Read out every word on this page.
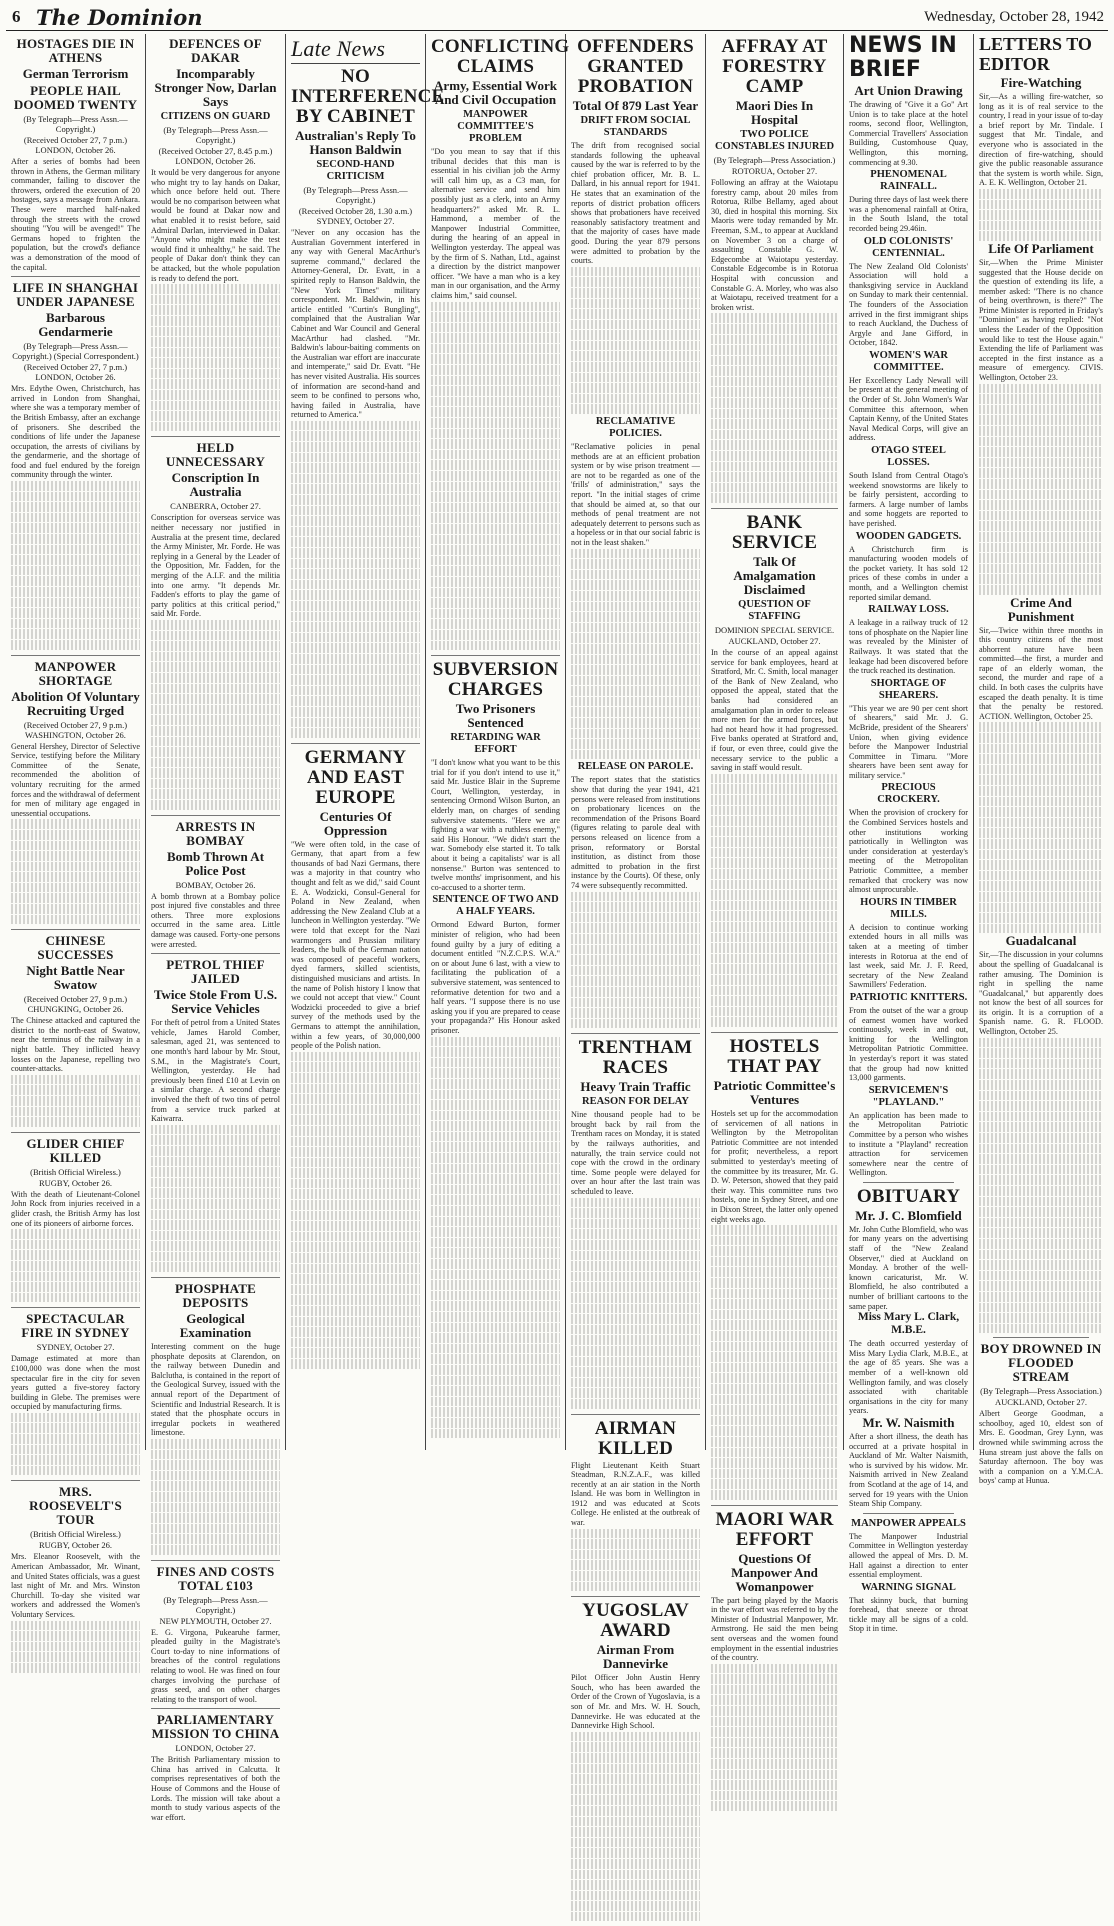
6 The Dominion	Wednesday, October 28, 1942
HOSTAGES DIE IN ATHENS
German Terrorism
PEOPLE HAIL DOOMED TWENTY

(By Telegraph—Press Assn.—Copyright.)

(Received October 27, 7 p.m.) LONDON, October 26.

After a series of bombs had been thrown in Athens, the German military commander, failing to discover the throwers, ordered the execution of 20 hostages, says a message from Ankara. These were marched half-naked through the streets with the crowd shouting "You will be avenged!" The Germans hoped to frighten the population, but the crowd's defiance was a demonstration of the mood of the capital.

LIFE IN SHANGHAI UNDER JAPANESE
Barbarous Gendarmerie

(By Telegraph—Press Assn.—Copyright.) (Special Correspondent.)

(Received October 27, 7 p.m.) LONDON, October 26.

Mrs. Edythe Owen, Christchurch, has arrived in London from Shanghai, where she was a temporary member of the British Embassy, after an exchange of prisoners. She described the conditions of life under the Japanese occupation, the arrests of civilians by the gendarmerie, and the shortage of food and fuel endured by the foreign community through the winter.

MANPOWER SHORTAGE
Abolition Of Voluntary Recruiting Urged

(Received October 27, 9 p.m.) WASHINGTON, October 26.

General Hershey, Director of Selective Service, testifying before the Military Committee of the Senate, recommended the abolition of voluntary recruiting for the armed forces and the withdrawal of deferment for men of military age engaged in unessential occupations.

CHINESE SUCCESSES
Night Battle Near Swatow

(Received October 27, 9 p.m.) CHUNGKING, October 26.

The Chinese attacked and captured the district to the north-east of Swatow, near the terminus of the railway in a night battle. They inflicted heavy losses on the Japanese, repelling two counter-attacks.

GLIDER CHIEF KILLED

(British Official Wireless.)

RUGBY, October 26.

With the death of Lieutenant-Colonel John Rock from injuries received in a glider crash, the British Army has lost one of its pioneers of airborne forces.

SPECTACULAR FIRE IN SYDNEY

SYDNEY, October 27.

Damage estimated at more than £100,000 was done when the most spectacular fire in the city for seven years gutted a five-storey factory building in Glebe. The premises were occupied by manufacturing firms.

MRS. ROOSEVELT'S TOUR

(British Official Wireless.)

RUGBY, October 26.

Mrs. Eleanor Roosevelt, with the American Ambassador, Mr. Winant, and United States officials, was a guest last night of Mr. and Mrs. Winston Churchill. To-day she visited war workers and addressed the Women's Voluntary Services.

DEFENCES OF DAKAR
Incomparably Stronger Now, Darlan Says
CITIZENS ON GUARD

(By Telegraph—Press Assn.—Copyright.)

(Received October 27, 8.45 p.m.) LONDON, October 26.

It would be very dangerous for anyone who might try to lay hands on Dakar, which once before held out. There would be no comparison between what would be found at Dakar now and what enabled it to resist before, said Admiral Darlan, interviewed in Dakar. "Anyone who might make the test would find it unhealthy," he said. The people of Dakar don't think they can be attacked, but the whole population is ready to defend the port.

HELD UNNECESSARY
Conscription In Australia

CANBERRA, October 27.

Conscription for overseas service was neither necessary nor justified in Australia at the present time, declared the Army Minister, Mr. Forde. He was replying in a General by the Leader of the Opposition, Mr. Fadden, for the merging of the A.I.F. and the militia into one army. "It depends Mr. Fadden's efforts to play the game of party politics at this critical period," said Mr. Forde.

ARRESTS IN BOMBAY
Bomb Thrown At Police Post

BOMBAY, October 26.

A bomb thrown at a Bombay police post injured five constables and three others. Three more explosions occurred in the same area. Little damage was caused. Forty-one persons were arrested.

PETROL THIEF JAILED
Twice Stole From U.S. Service Vehicles

For theft of petrol from a United States vehicle, James Harold Comber, salesman, aged 21, was sentenced to one month's hard labour by Mr. Stout, S.M., in the Magistrate's Court, Wellington, yesterday. He had previously been fined £10 at Levin on a similar charge. A second charge involved the theft of two tins of petrol from a service truck parked at Kaiwarra.

PHOSPHATE DEPOSITS
Geological Examination

Interesting comment on the huge phosphate deposits at Clarendon, on the railway between Dunedin and Balclutha, is contained in the report of the Geological Survey, issued with the annual report of the Department of Scientific and Industrial Research. It is stated that the phosphate occurs in irregular pockets in weathered limestone.

FINES AND COSTS TOTAL £103

(By Telegraph—Press Assn.—Copyright.)

NEW PLYMOUTH, October 27.

E. G. Virgona, Pukearuhe farmer, pleaded guilty in the Magistrate's Court to-day to nine informations of breaches of the control regulations relating to wool. He was fined on four charges involving the purchase of grass seed, and on other charges relating to the transport of wool.

PARLIAMENTARY MISSION TO CHINA

LONDON, October 27.

The British Parliamentary mission to China has arrived in Calcutta. It comprises representatives of both the House of Commons and the House of Lords. The mission will take about a month to study various aspects of the war effort.

Late News
NO INTERFERENCE BY CABINET
Australian's Reply To Hanson Baldwin
SECOND-HAND CRITICISM

(By Telegraph—Press Assn.—Copyright.)

(Received October 28, 1.30 a.m.) SYDNEY, October 27.

"Never on any occasion has the Australian Government interfered in any way with General MacArthur's supreme command," declared the Attorney-General, Dr. Evatt, in a spirited reply to Hanson Baldwin, the "New York Times" military correspondent. Mr. Baldwin, in his article entitled "Curtin's Bungling", complained that the Australian War Cabinet and War Council and General MacArthur had clashed. "Mr. Baldwin's labour-baiting comments on the Australian war effort are inaccurate and intemperate," said Dr. Evatt. "He has never visited Australia. His sources of information are second-hand and seem to be confined to persons who, having failed in Australia, have returned to America."

GERMANY AND EAST EUROPE
Centuries Of Oppression

"We were often told, in the case of Germany, that apart from a few thousands of bad Nazi Germans, there was a majority in that country who thought and felt as we did," said Count E. A. Wodzicki, Consul-General for Poland in New Zealand, when addressing the New Zealand Club at a luncheon in Wellington yesterday. "We were told that except for the Nazi warmongers and Prussian military leaders, the bulk of the German nation was composed of peaceful workers, dyed farmers, skilled scientists, distinguished musicians and artists. In the name of Polish history I know that we could not accept that view." Count Wodzicki proceeded to give a brief survey of the methods used by the Germans to attempt the annihilation, within a few years, of 30,000,000 people of the Polish nation.

CONFLICTING CLAIMS
Army, Essential Work And Civil Occupation
MANPOWER COMMITTEE'S PROBLEM

"Do you mean to say that if this tribunal decides that this man is essential in his civilian job the Army will call him up, as a C3 man, for alternative service and send him possibly just as a clerk, into an Army headquarters?" asked Mr. R. L. Hammond, a member of the Manpower Industrial Committee, during the hearing of an appeal in Wellington yesterday. The appeal was by the firm of S. Nathan, Ltd., against a direction by the district manpower officer. "We have a man who is a key man in our organisation, and the Army claims him," said counsel.

SUBVERSION CHARGES
Two Prisoners Sentenced
RETARDING WAR EFFORT

"I don't know what you want to be this trial for if you don't intend to use it," said Mr. Justice Blair in the Supreme Court, Wellington, yesterday, in sentencing Ormond Wilson Burton, an elderly man, on charges of sending subversive statements. "Here we are fighting a war with a ruthless enemy," said His Honour. "We didn't start the war. Somebody else started it. To talk about it being a capitalists' war is all nonsense." Burton was sentenced to twelve months' imprisonment, and his co-accused to a shorter term.

SENTENCE OF TWO AND A HALF YEARS.

Ormond Edward Burton, former minister of religion, who had been found guilty by a jury of editing a document entitled "N.Z.C.P.S. W.A." on or about June 6 last, with a view to facilitating the publication of a subversive statement, was sentenced to reformative detention for two and a half years. "I suppose there is no use asking you if you are prepared to cease your propaganda?" His Honour asked prisoner.

OFFENDERS GRANTED PROBATION
Total Of 879 Last Year
DRIFT FROM SOCIAL STANDARDS

The drift from recognised social standards following the upheaval caused by the war is referred to by the chief probation officer, Mr. B. L. Dallard, in his annual report for 1941. He states that an examination of the reports of district probation officers shows that probationers have received reasonably satisfactory treatment and that the majority of cases have made good. During the year 879 persons were admitted to probation by the courts.

RECLAMATIVE POLICIES.

"Reclamative policies in penal methods are at an efficient probation system or by wise prison treatment — are not to be regarded as one of the 'frills' of administration," says the report. "In the initial stages of crime that should be aimed at, so that our methods of penal treatment are not adequately deterrent to persons such as a hopeless or in that our social fabric is not in the least shaken."

RELEASE ON PAROLE.

The report states that the statistics show that during the year 1941, 421 persons were released from institutions on probationary licences on the recommendation of the Prisons Board (figures relating to parole deal with persons released on licence from a prison, reformatory or Borstal institution, as distinct from those admitted to probation in the first instance by the Courts). Of these, only 74 were subsequently recommitted.

TRENTHAM RACES
Heavy Train Traffic
REASON FOR DELAY

Nine thousand people had to be brought back by rail from the Trentham races on Monday, it is stated by the railways authorities, and naturally, the train service could not cope with the crowd in the ordinary time. Some people were delayed for over an hour after the last train was scheduled to leave.

AIRMAN KILLED

Flight Lieutenant Keith Stuart Steadman, R.N.Z.A.F., was killed recently at an air station in the North Island. He was born in Wellington in 1912 and was educated at Scots College. He enlisted at the outbreak of war.

YUGOSLAV AWARD
Airman From Dannevirke

Pilot Officer John Austin Henry Souch, who has been awarded the Order of the Crown of Yugoslavia, is a son of Mr. and Mrs. W. H. Souch, Dannevirke. He was educated at the Dannevirke High School.

AFFRAY AT FORESTRY CAMP
Maori Dies In Hospital
TWO POLICE CONSTABLES INJURED

(By Telegraph—Press Association.)

ROTORUA, October 27.

Following an affray at the Waiotapu forestry camp, about 20 miles from Rotorua, Rilbe Bellamy, aged about 30, died in hospital this morning. Six Maoris were today remanded by Mr. Freeman, S.M., to appear at Auckland on November 3 on a charge of assaulting Constable G. W. Edgecombe at Waiotapu yesterday. Constable Edgecombe is in Rotorua Hospital with concussion and Constable G. A. Morley, who was also at Waiotapu, received treatment for a broken wrist.

BANK SERVICE
Talk Of Amalgamation Disclaimed
QUESTION OF STAFFING

DOMINION SPECIAL SERVICE.

AUCKLAND, October 27.

In the course of an appeal against service for bank employees, heard at Stratford, Mr. C. Smith, local manager of the Bank of New Zealand, who opposed the appeal, stated that the banks had considered an amalgamation plan in order to release more men for the armed forces, but had not heard how it had progressed. Five banks operated at Stratford and, if four, or even three, could give the necessary service to the public a saving in staff would result.

HOSTELS THAT PAY
Patriotic Committee's Ventures

Hostels set up for the accommodation of servicemen of all nations in Wellington by the Metropolitan Patriotic Committee are not intended for profit; nevertheless, a report submitted to yesterday's meeting of the committee by its treasurer, Mr. G. D. W. Peterson, showed that they paid their way. This committee runs two hostels, one in Sydney Street, and one in Dixon Street, the latter only opened eight weeks ago.

MAORI WAR EFFORT
Questions Of Manpower And Womanpower

The part being played by the Maoris in the war effort was referred to by the Minister of Industrial Manpower, Mr. Armstrong. He said the men being sent overseas and the women found employment in the essential industries of the country.

NEWS IN BRIEF
Art Union Drawing

The drawing of "Give it a Go" Art Union is to take place at the hotel rooms, second floor, Wellington, Commercial Travellers' Association Building, Customhouse Quay, Wellington, this morning, commencing at 9.30.

PHENOMENAL RAINFALL.

During three days of last week there was a phenomenal rainfall at Otira, in the South Island, the total recorded being 29.46in.

OLD COLONISTS' CENTENNIAL.

The New Zealand Old Colonists' Association will hold a thanksgiving service in Auckland on Sunday to mark their centennial. The founders of the Association arrived in the first immigrant ships to reach Auckland, the Duchess of Argyle and Jane Gifford, in October, 1842.

WOMEN'S WAR COMMITTEE.

Her Excellency Lady Newall will be present at the general meeting of the Order of St. John Women's War Committee this afternoon, when Captain Kenny, of the United States Naval Medical Corps, will give an address.

OTAGO STEEL LOSSES.

South Island from Central Otago's weekend snowstorms are likely to be fairly persistent, according to farmers. A large number of lambs and some hoggets are reported to have perished.

WOODEN GADGETS.

A Christchurch firm is manufacturing wooden models of the pocket variety. It has sold 12 prices of these combs in under a month, and a Wellington chemist reported similar demand.

RAILWAY LOSS.

A leakage in a railway truck of 12 tons of phosphate on the Napier line was revealed by the Minister of Railways. It was stated that the leakage had been discovered before the truck reached its destination.

SHORTAGE OF SHEARERS.

"This year we are 90 per cent short of shearers," said Mr. J. G. McBride, president of the Shearers' Union, when giving evidence before the Manpower Industrial Committee in Timaru. "More shearers have been sent away for military service."

PRECIOUS CROCKERY.

When the provision of crockery for the Combined Services hostels and other institutions working patriotically in Wellington was under consideration at yesterday's meeting of the Metropolitan Patriotic Committee, a member remarked that crockery was now almost unprocurable.

HOURS IN TIMBER MILLS.

A decision to continue working extended hours in all mills was taken at a meeting of timber interests in Rotorua at the end of last week, said Mr. J. F. Reed, secretary of the New Zealand Sawmillers' Federation.

PATRIOTIC KNITTERS.

From the outset of the war a group of earnest women have worked continuously, week in and out, knitting for the Wellington Metropolitan Patriotic Committee. In yesterday's report it was stated that the group had now knitted 13,000 garments.

SERVICEMEN'S "PLAYLAND."

An application has been made to the Metropolitan Patriotic Committee by a person who wishes to institute a "Playland" recreation attraction for servicemen somewhere near the centre of Wellington.

OBITUARY
Mr. J. C. Blomfield

Mr. John Cuthe Blomfield, who was for many years on the advertising staff of the "New Zealand Observer," died at Auckland on Monday. A brother of the well-known caricaturist, Mr. W. Blomfield, he also contributed a number of brilliant cartoons to the same paper.

Miss Mary L. Clark, M.B.E.

The death occurred yesterday of Miss Mary Lydia Clark, M.B.E., at the age of 85 years. She was a member of a well-known old Wellington family, and was closely associated with charitable organisations in the city for many years.

Mr. W. Naismith

After a short illness, the death has occurred at a private hospital in Auckland of Mr. Walter Naismith, who is survived by his widow. Mr. Naismith arrived in New Zealand from Scotland at the age of 14, and served for 19 years with the Union Steam Ship Company.

MANPOWER APPEALS

The Manpower Industrial Committee in Wellington yesterday allowed the appeal of Mrs. D. M. Hall against a direction to enter essential employment.

WARNING SIGNAL

That skinny buck, that burning forehead, that sneeze or throat tickle may all be signs of a cold. Stop it in time.

LETTERS TO EDITOR
Fire-Watching

Sir,—As a willing fire-watcher, so long as it is of real service to the country, I read in your issue of to-day a brief report by Mr. Tindale. I suggest that Mr. Tindale, and everyone who is associated in the direction of fire-watching, should give the public reasonable assurance that the system is worth while. Sign, A. E. K. Wellington, October 21.

Life Of Parliament

Sir,—When the Prime Minister suggested that the House decide on the question of extending its life, a member asked: "There is no chance of being overthrown, is there?" The Prime Minister is reported in Friday's "Dominion" as having replied: "Not unless the Leader of the Opposition would like to test the House again." Extending the life of Parliament was accepted in the first instance as a measure of emergency. CIVIS. Wellington, October 23.

Crime And Punishment

Sir,—Twice within three months in this country citizens of the most abhorrent nature have been committed—the first, a murder and rape of an elderly woman, the second, the murder and rape of a child. In both cases the culprits have escaped the death penalty. It is time that the penalty be restored. ACTION. Wellington, October 25.

Guadalcanal

Sir,—The discussion in your columns about the spelling of Guadalcanal is rather amusing. The Dominion is right in spelling the name "Guadalcanal," but apparently does not know the best of all sources for its origin. It is a corruption of a Spanish name. G. R. FLOOD. Wellington, October 25.

BOY DROWNED IN FLOODED STREAM

(By Telegraph—Press Association.)

AUCKLAND, October 27.

Albert George Goodman, a schoolboy, aged 10, eldest son of Mrs. E. Goodman, Grey Lynn, was drowned while swimming across the Huna stream just above the falls on Saturday afternoon. The boy was with a companion on a Y.M.C.A. boys' camp at Hunua.
